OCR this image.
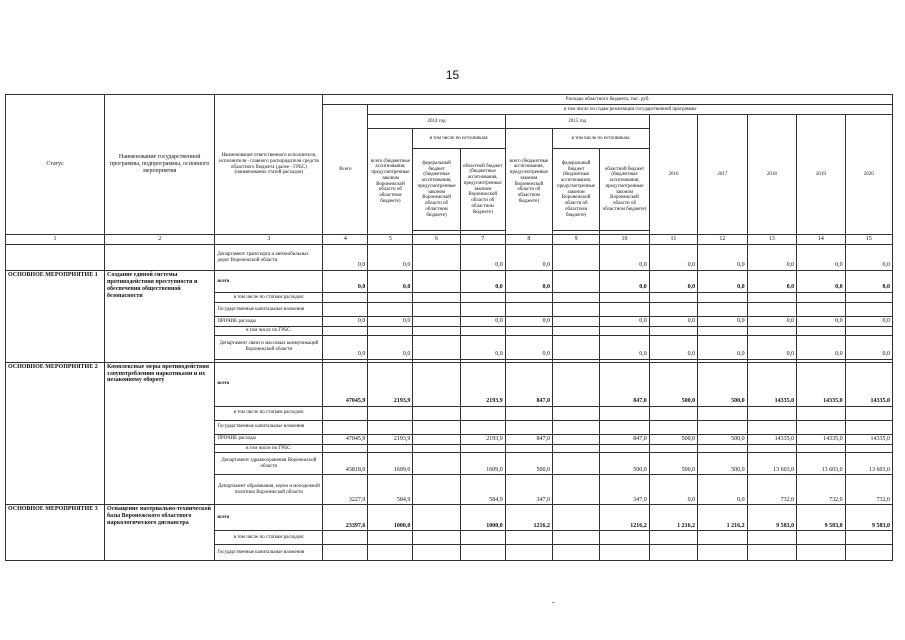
15
Статус	Наименование государственной программы, подпрограммы, основного мероприятия	Наименование ответственного исполнителя, исполнителя - главного распорядителя средств областного бюджета (далее - ГРБС) (наименование статей расходов)	Расходы областного бюджета, тыс. руб.											
			Всего	в том числе по годам реализации государственной программы										
				2014 год			2015 год			2016	2017	2018	2019	2020
				всего (бюджетные ассигнования, предусмотренные законом Воронежской области об областном бюджете)	в том числе по источникам:		всего (бюджетные ассигнования, предусмотренные законом Воронежской области об областном бюджете)	в том числе по источникам:						
					федеральный бюджет (бюджетные ассигнования, предусмотренные законом Воронежской области об областном бюджете)	областной бюджет (бюджетные ассигнования, предусмотренные законом Воронежской области об областном бюджете)		федеральный бюджет (бюджетные ассигнования, предусмотренные законом Воронежской области об областном бюджете)	областной бюджет (бюджетные ассигнования, предусмотренные законом Воронежской области об областном бюджете)					

1	2	3	4	5	6	7	8	9	10	11	12	13	14	15
		Департамент транспорта и автомобильных дорог Воронежской области	0,0	0,0		0,0	0,0		0,0	0,0	0,0	0,0	0,0	0,0
ОСНОВНОЕ МЕРОПРИЯТИЕ 1	Создание единой системы противодействия преступности и обеспечения общественной безопасности	всего	0,0	0,0		0,0	0,0		0,0	0,0	0,0	0,0	0,0	0,0
		в том числе по статьям расходов:												
		Государственные капитальные вложения												
		ПРОЧИЕ расходы	0,0	0,0		0,0	0,0		0,0	0,0	0,0	0,0	0,0	0,0
		в том числе по ГРБС:												
		Департамент связи и массовых коммуникаций Воронежской области	0,0	0,0		0,0	0,0		0,0	0,0	0,0	0,0	0,0	0,0

ОСНОВНОЕ МЕРОПРИЯТИЕ 2	Комплексные меры противодействия злоупотреблению наркотиками и их незаконному обороту	всего	47045,9	2193,9		2193,9	847,0		847,0	500,0	500,0	14335,0	14335,0	14335,0
		в том числе по статьям расходов:												
		Государственные капитальные вложения												
		ПРОЧИЕ расходы	47045,9	2193,9		2193,9	847,0		847,0	500,0	500,0	14335,0	14335,0	14335,0
		в том числе по ГРБС:												
		Департамент здравоохранения Воронежской области	43818,0	1609,0		1609,0	500,0		500,0	500,0	500,0	13 603,0	13 603,0	13 603,0
		Департамент образования, науки и молодежной политики Воронежской области	3227,9	584,9		584,9	347,0		347,0	0,0	0,0	732,0	732,0	732,0
ОСНОВНОЕ МЕРОПРИЯТИЕ 3	Оснащение материально-технической базы Воронежского областного наркологического диспансера	всего	23397,6	1000,0		1000,0	1216,2		1216,2	1 216,2	1 216,2	9 583,0	9 583,0	9 583,0
		в том числе по статьям расходов:												
		Государственные капитальные вложения												
